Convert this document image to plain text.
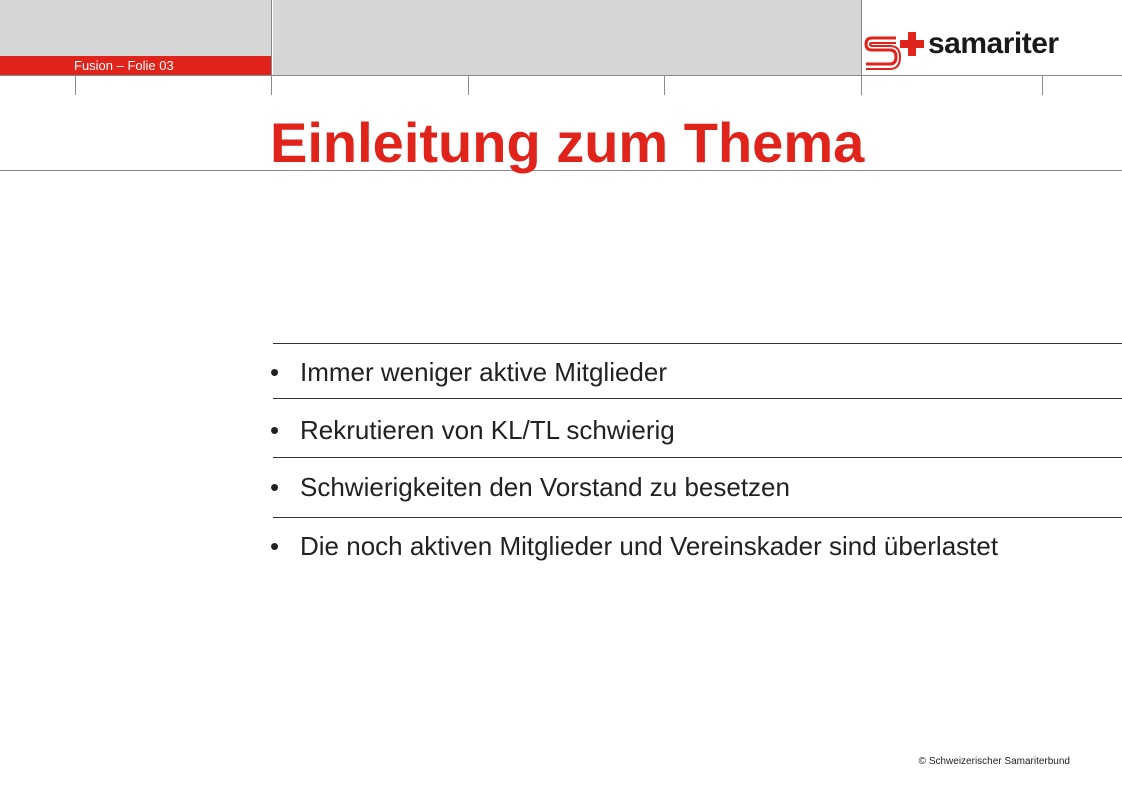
Fusion – Folie 03
samariter
Einleitung zum Thema
• Immer weniger aktive Mitglieder
• Rekrutieren von KL/TL schwierig
• Schwierigkeiten den Vorstand zu besetzen
• Die noch aktiven Mitglieder und Vereinskader sind überlastet
© Schweizerischer Samariterbund
